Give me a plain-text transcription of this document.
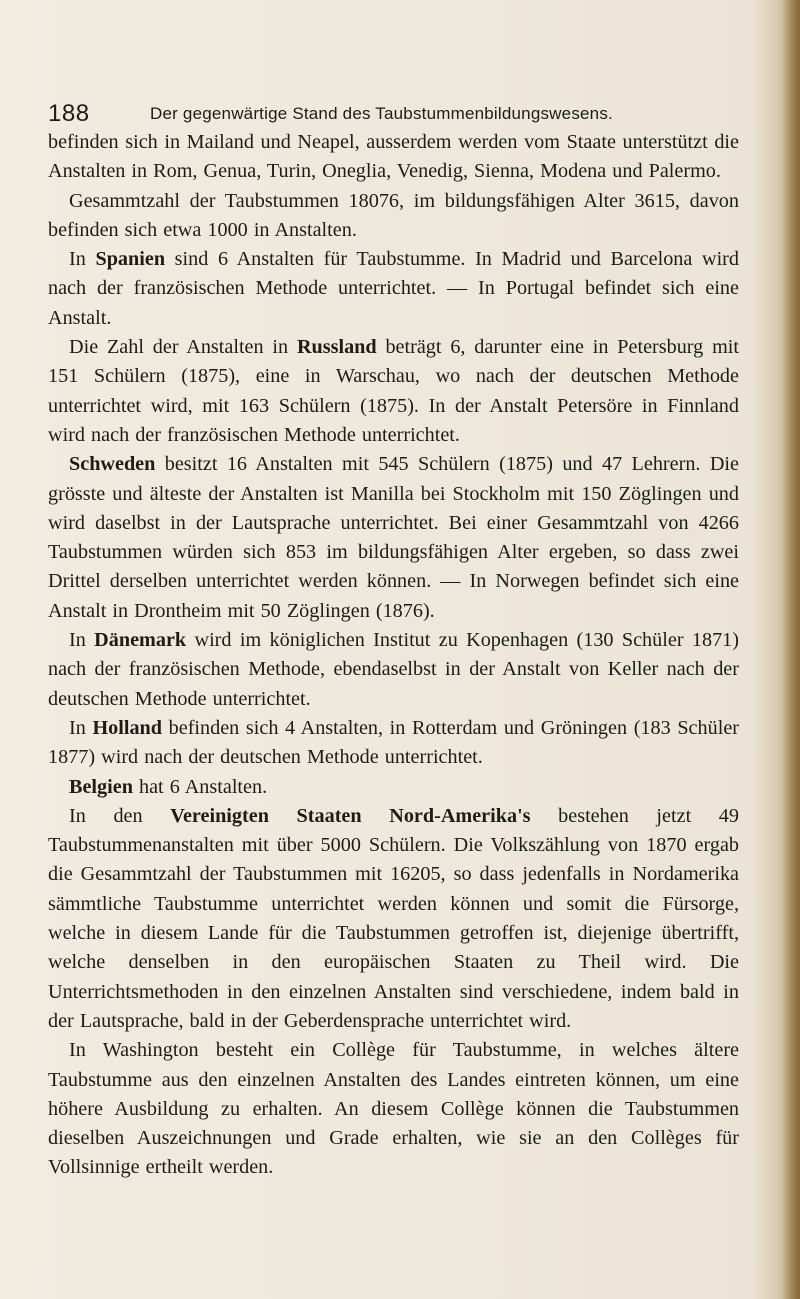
188	Der gegenwärtige Stand des Taubstummenbildungswesens.

befinden sich in Mailand und Neapel, ausserdem werden vom Staate unterstützt die Anstalten in Rom, Genua, Turin, Oneglia, Venedig, Sienna, Modena und Palermo.

Gesammtzahl der Taubstummen 18076, im bildungsfähigen Alter 3615, davon befinden sich etwa 1000 in Anstalten.

In Spanien sind 6 Anstalten für Taubstumme. In Madrid und Barcelona wird nach der französischen Methode unterrichtet. — In Portugal befindet sich eine Anstalt.

Die Zahl der Anstalten in Russland beträgt 6, darunter eine in Petersburg mit 151 Schülern (1875), eine in Warschau, wo nach der deutschen Methode unterrichtet wird, mit 163 Schülern (1875). In der Anstalt Petersöre in Finnland wird nach der französischen Methode unterrichtet.

Schweden besitzt 16 Anstalten mit 545 Schülern (1875) und 47 Lehrern. Die grösste und älteste der Anstalten ist Manilla bei Stockholm mit 150 Zöglingen und wird daselbst in der Lautsprache unterrichtet. Bei einer Gesammtzahl von 4266 Taubstummen würden sich 853 im bildungsfähigen Alter ergeben, so dass zwei Drittel derselben unterrichtet werden können. — In Norwegen befindet sich eine Anstalt in Drontheim mit 50 Zöglingen (1876).

In Dänemark wird im königlichen Institut zu Kopenhagen (130 Schüler 1871) nach der französischen Methode, ebendaselbst in der Anstalt von Keller nach der deutschen Methode unterrichtet.

In Holland befinden sich 4 Anstalten, in Rotterdam und Gröningen (183 Schüler 1877) wird nach der deutschen Methode unterrichtet.

Belgien hat 6 Anstalten.

In den Vereinigten Staaten Nord-Amerika's bestehen jetzt 49 Taubstummenanstalten mit über 5000 Schülern. Die Volkszählung von 1870 ergab die Gesammtzahl der Taubstummen mit 16205, so dass jedenfalls in Nordamerika sämmtliche Taubstumme unterrichtet werden können und somit die Fürsorge, welche in diesem Lande für die Taubstummen getroffen ist, diejenige übertrifft, welche denselben in den europäischen Staaten zu Theil wird. Die Unterrichtsmethoden in den einzelnen Anstalten sind verschiedene, indem bald in der Lautsprache, bald in der Geberdensprache unterrichtet wird.

In Washington besteht ein Collège für Taubstumme, in welches ältere Taubstumme aus den einzelnen Anstalten des Landes eintreten können, um eine höhere Ausbildung zu erhalten. An diesem Collège können die Taubstummen dieselben Auszeichnungen und Grade erhalten, wie sie an den Collèges für Vollsinnige ertheilt werden.
